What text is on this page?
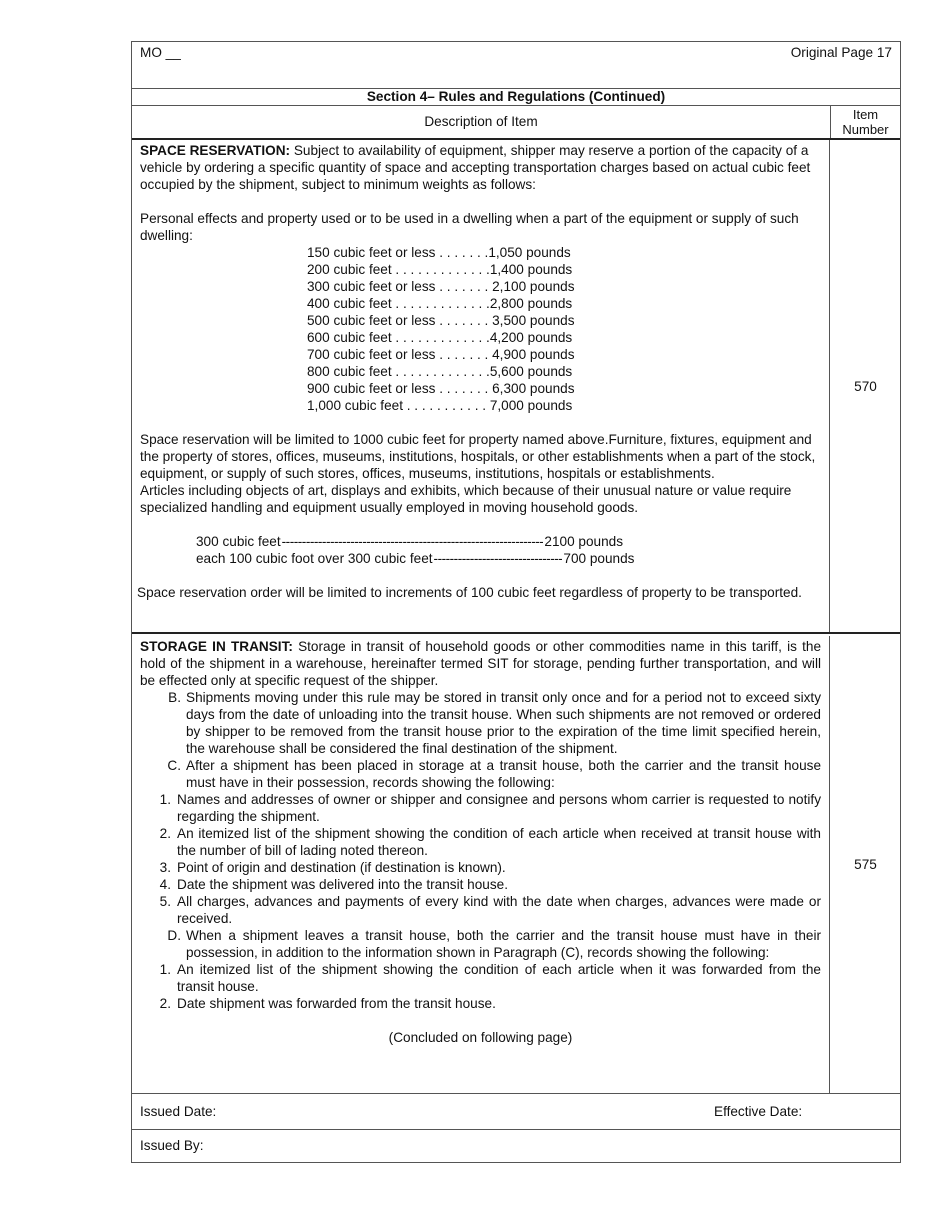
MO __	Original Page 17
Section 4– Rules and Regulations (Continued)
Description of Item	Item Number

SPACE RESERVATION: Subject to availability of equipment, shipper may reserve a portion of the capacity of a vehicle by ordering a specific quantity of space and accepting transportation charges based on actual cubic feet occupied by the shipment, subject to minimum weights as follows:

Personal effects and property used or to be used in a dwelling when a part of the equipment or supply of such dwelling:

150 cubic feet or less . . . . . . .1,050 pounds
200 cubic feet . . . . . . . . . . . . .1,400 pounds
300 cubic feet or less . . . . . . . 2,100 pounds
400 cubic feet . . . . . . . . . . . . .2,800 pounds
500 cubic feet or less . . . . . . . 3,500 pounds
600 cubic feet . . . . . . . . . . . . .4,200 pounds
700 cubic feet or less . . . . . . . 4,900 pounds
800 cubic feet . . . . . . . . . . . . .5,600 pounds
900 cubic feet or less . . . . . . . 6,300 pounds
1,000 cubic feet . . . . . . . . . . . 7,000 pounds

Space reservation will be limited to 1000 cubic feet for property named above.Furniture, fixtures, equipment and the property of stores, offices, museums, institutions, hospitals, or other establishments when a part of the stock, equipment, or supply of such stores, offices, museums, institutions, hospitals or establishments.

Articles including objects of art, displays and exhibits, which because of their unusual nature or value require specialized handling and equipment usually employed in moving household goods.

300 cubic feet ----------------------------------------------------------------- 2100 pounds
each 100 cubic foot over 300 cubic feet -------------------------------- 700 pounds

Space reservation order will be limited to increments of 100 cubic feet regardless of property to be transported.

570

STORAGE IN TRANSIT: Storage in transit of household goods or other commodities name in this tariff, is the hold of the shipment in a warehouse, hereinafter termed SIT for storage, pending further transportation, and will be effected only at specific request of the shipper.

B. Shipments moving under this rule may be stored in transit only once and for a period not to exceed sixty days from the date of unloading into the transit house. When such shipments are not removed or ordered by shipper to be removed from the transit house prior to the expiration of the time limit specified herein, the warehouse shall be considered the final destination of the shipment.
C. After a shipment has been placed in storage at a transit house, both the carrier and the transit house must have in their possession, records showing the following:
1. Names and addresses of owner or shipper and consignee and persons whom carrier is requested to notify regarding the shipment.
2. An itemized list of the shipment showing the condition of each article when received at transit house with the number of bill of lading noted thereon.
3. Point of origin and destination (if destination is known).
4. Date the shipment was delivered into the transit house.
5. All charges, advances and payments of every kind with the date when charges, advances were made or received.
D. When a shipment leaves a transit house, both the carrier and the transit house must have in their possession, in addition to the information shown in Paragraph (C), records showing the following:
1. An itemized list of the shipment showing the condition of each article when it was forwarded from the transit house.
2. Date shipment was forwarded from the transit house.

(Concluded on following page)

575
Issued Date:	Effective Date:
Issued By:
